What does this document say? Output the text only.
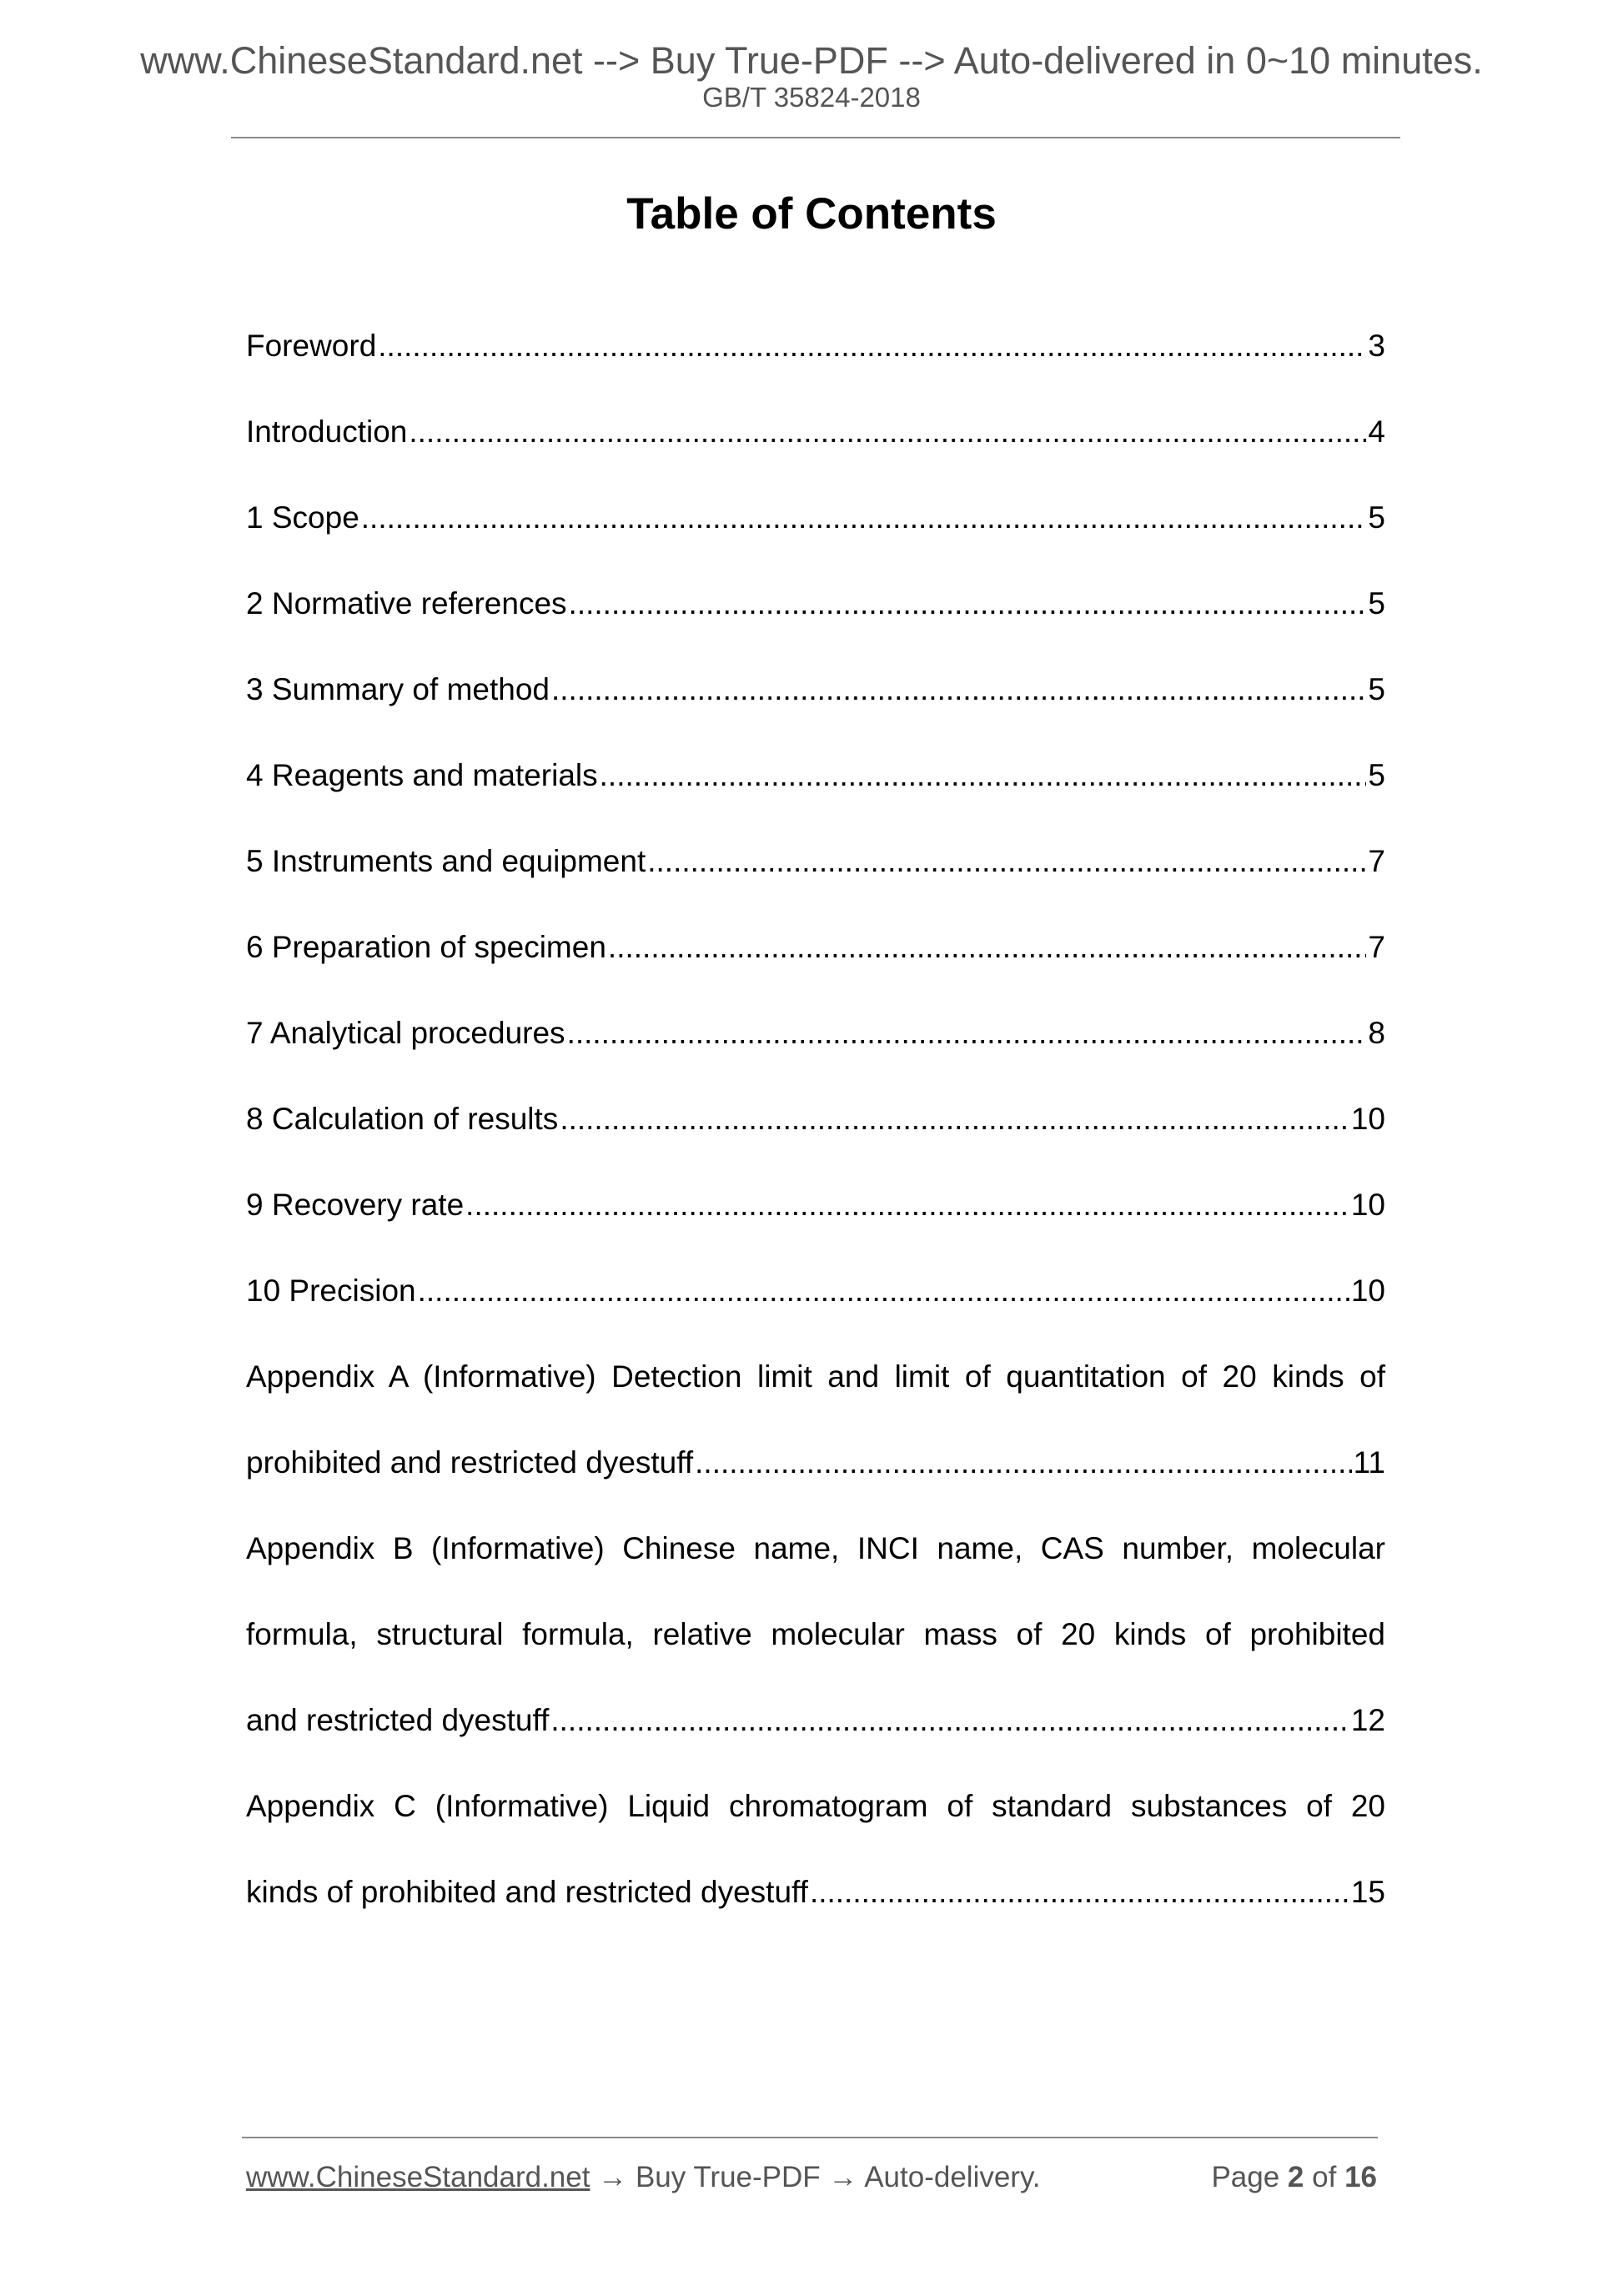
www.ChineseStandard.net --> Buy True-PDF --> Auto-delivered in 0~10 minutes.
GB/T 35824-2018
Table of Contents
Foreword .....	3
Introduction .....	4
1 Scope .....	5
2 Normative references .....	5
3 Summary of method .....	5
4 Reagents and materials .....	5
5 Instruments and equipment .....	7
6 Preparation of specimen .....	7
7 Analytical procedures .....	8
8 Calculation of results .....	10
9 Recovery rate .....	10
10 Precision .....	10
Appendix A (Informative) Detection limit and limit of quantitation of 20 kinds of
prohibited and restricted dyestuff .....	11
Appendix B (Informative) Chinese name, INCI name, CAS number, molecular
formula, structural formula, relative molecular mass of 20 kinds of prohibited
and restricted dyestuff .....	12
Appendix C (Informative) Liquid chromatogram of standard substances of 20
kinds of prohibited and restricted dyestuff .....	15
www.ChineseStandard.net → Buy True-PDF → Auto-delivery.	Page 2 of 16
